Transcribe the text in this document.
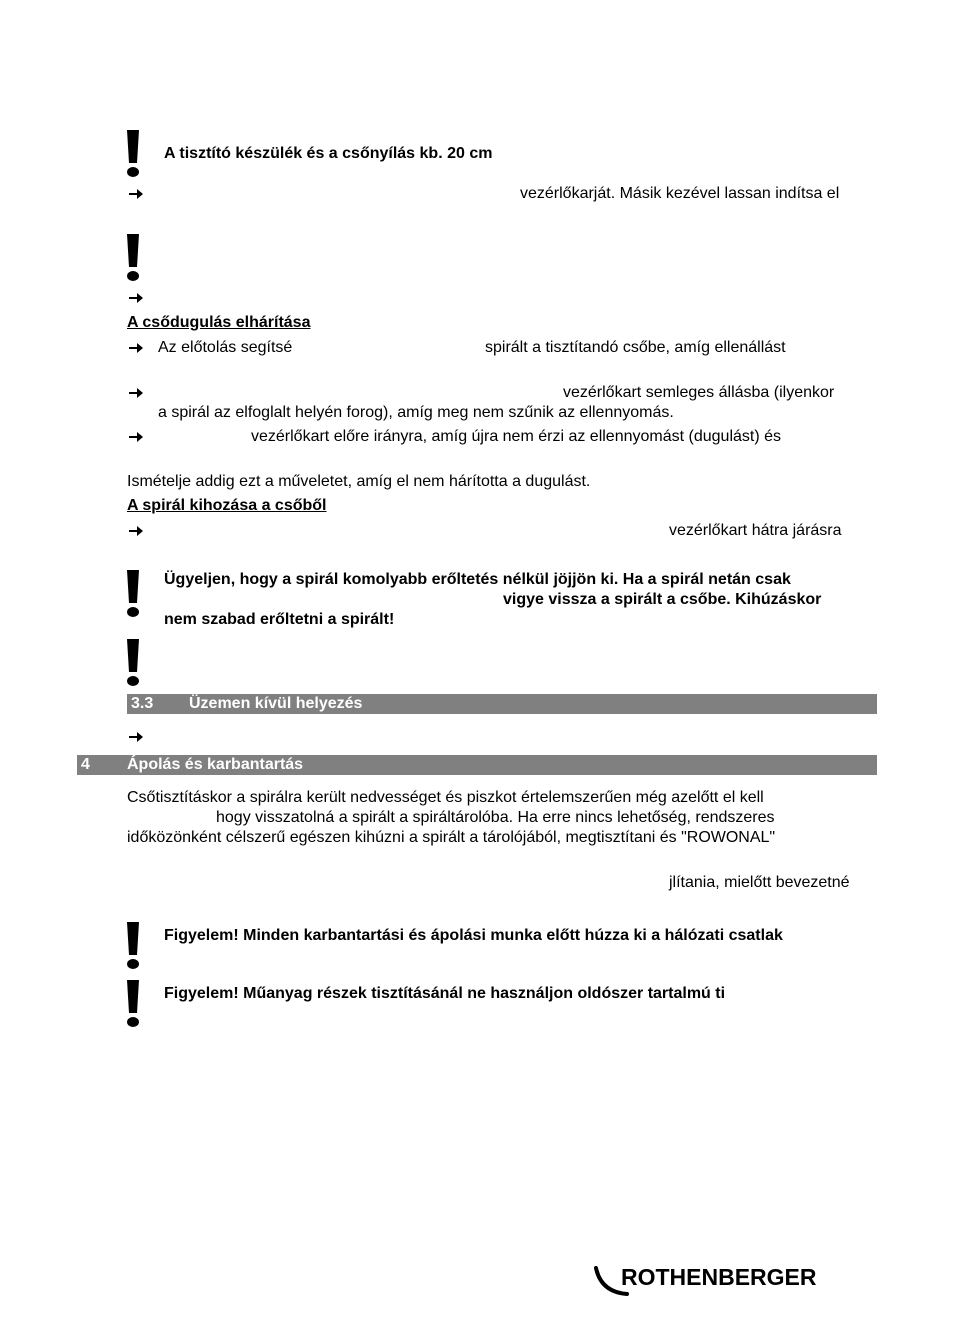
A tisztító készülék és a csőnyílás kb. 20 cm
vezérlőkarját. Másik kezével lassan indítsa el
A csődugulás elhárítása
Az előtolás segítsé	spirált a tisztítandó csőbe, amíg ellenállást
vezérlőkart semleges állásba (ilyenkor
a spirál az elfoglalt helyén forog), amíg meg nem szűnik az ellennyomás.
vezérlőkart előre irányra, amíg újra nem érzi az ellennyomást (dugulást) és
Ismételje addig ezt a műveletet, amíg el nem hárította a dugulást.
A spirál kihozása a csőből
vezérlőkart hátra járásra
Ügyeljen, hogy a spirál komolyabb erőltetés nélkül jöjjön ki. Ha a spirál netán csak
vigye vissza a spirált a csőbe. Kihúzáskor
nem szabad erőltetni a spirált!
3.3 Üzemen kívül helyezés
4 Ápolás és karbantartás
Csőtisztításkor a spirálra került nedvességet és piszkot értelemszerűen még azelőtt el kell
hogy visszatolná a spirált a spiráltárolóba. Ha erre nincs lehetőség, rendszeres
időközönként célszerű egészen kihúzni a spirált a tárolójából, megtisztítani és "ROWONAL"
jlítania, mielőtt bevezetné
Figyelem! Minden karbantartási és ápolási munka előtt húzza ki a hálózati csatlak
Figyelem! Műanyag részek tisztításánál ne használjon oldószer tartalmú ti
ROTHENBERGER
